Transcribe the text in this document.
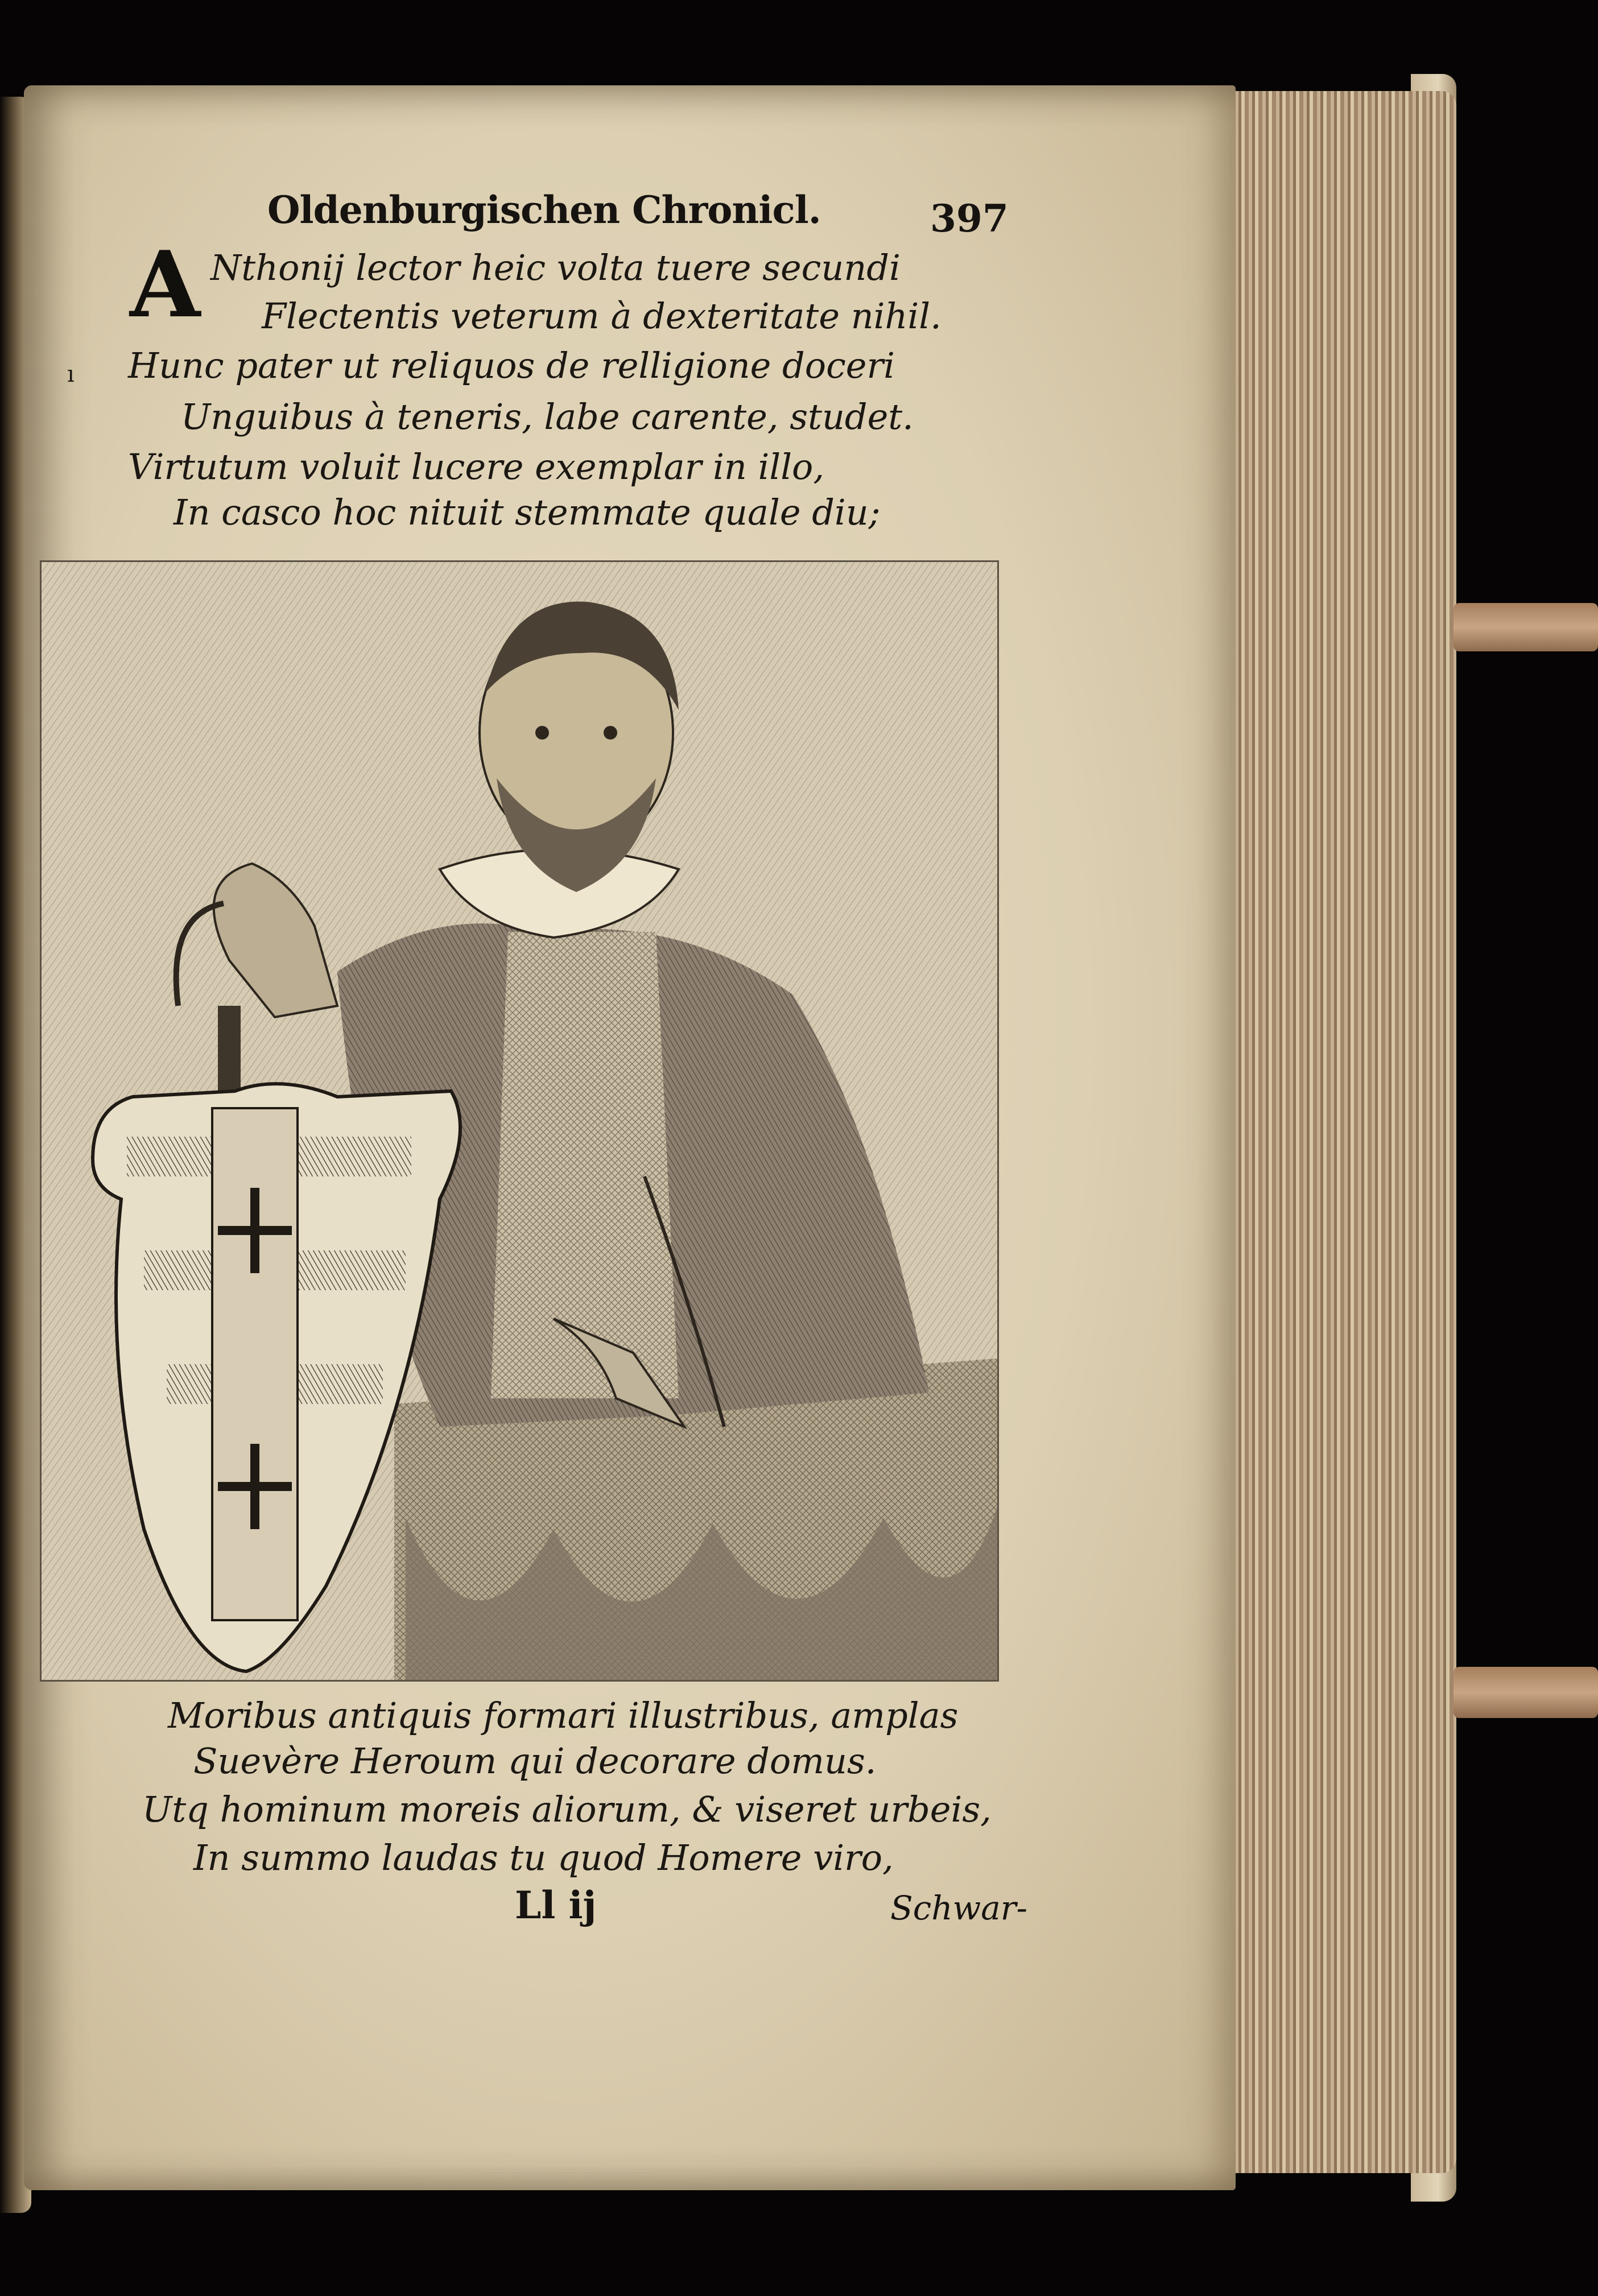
Oldenburgischen Chronicl.	397

ı

A Nthonij lector heic volta tuere secundi

Flectentis veterum à dexteritate nihil.

Hunc pater ut reliquos de relligione doceri

Unguibus à teneris, labe carente, studet.

Virtutum voluit lucere exemplar in illo,

In casco hoc nituit stemmate quale diu;

Moribus antiquis formari illustribus, amplas

Suevère Heroum qui decorare domus.

Utq hominum moreis aliorum, & viseret urbeis,

In summo laudas tu quod Homere viro,

Ll ij	Schwar-
